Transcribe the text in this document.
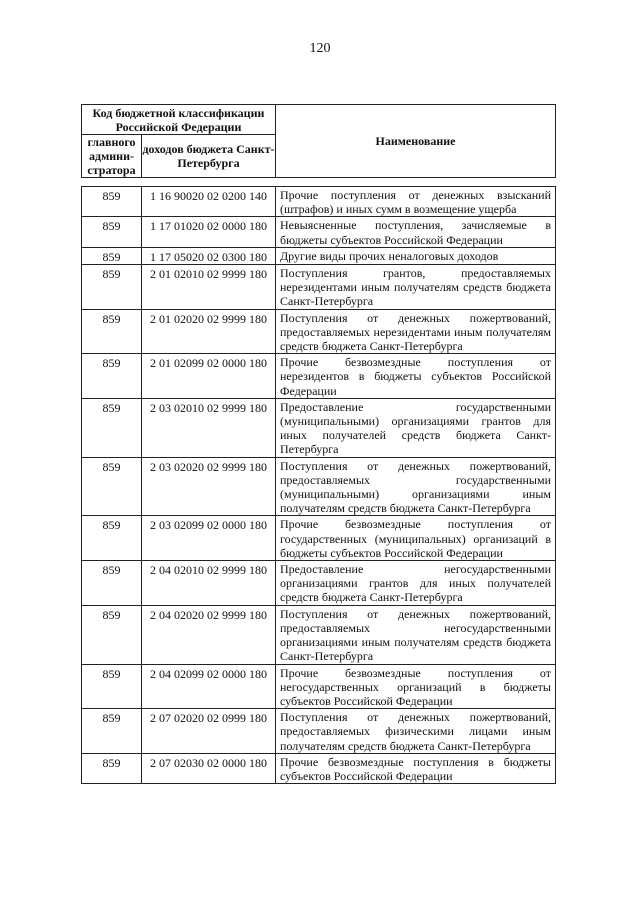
120
Код бюджетной классификации Российской Федерации		Наименование
главного админи-стратора	доходов бюджета Санкт-Петербурга	
859	1 16 90020 02 0200 140	Прочие поступления от денежных взысканий (штрафов) и иных сумм в возмещение ущерба
859	1 17 01020 02 0000 180	Невыясненные поступления, зачисляемые в бюджеты субъектов Российской Федерации
859	1 17 05020 02 0300 180	Другие виды прочих неналоговых доходов
859	2 01 02010 02 9999 180	Поступления грантов, предоставляемых нерезидентами иным получателям средств бюджета Санкт-Петербурга
859	2 01 02020 02 9999 180	Поступления от денежных пожертвований, предоставляемых нерезидентами иным получателям средств бюджета Санкт-Петербурга
859	2 01 02099 02 0000 180	Прочие безвозмездные поступления от нерезидентов в бюджеты субъектов Российской Федерации
859	2 03 02010 02 9999 180	Предоставление государственными (муниципальными) организациями грантов для иных получателей средств бюджета Санкт-Петербурга
859	2 03 02020 02 9999 180	Поступления от денежных пожертвований, предоставляемых государственными (муниципальными) организациями иным получателям средств бюджета Санкт-Петербурга
859	2 03 02099 02 0000 180	Прочие безвозмездные поступления от государственных (муниципальных) организаций в бюджеты субъектов Российской Федерации
859	2 04 02010 02 9999 180	Предоставление негосударственными организациями грантов для иных получателей средств бюджета Санкт-Петербурга
859	2 04 02020 02 9999 180	Поступления от денежных пожертвований, предоставляемых негосударственными организациями иным получателям средств бюджета Санкт-Петербурга
859	2 04 02099 02 0000 180	Прочие безвозмездные поступления от негосударственных организаций в бюджеты субъектов Российской Федерации
859	2 07 02020 02 0999 180	Поступления от денежных пожертвований, предоставляемых физическими лицами иным получателям средств бюджета Санкт-Петербурга
859	2 07 02030 02 0000 180	Прочие безвозмездные поступления в бюджеты субъектов Российской Федерации
